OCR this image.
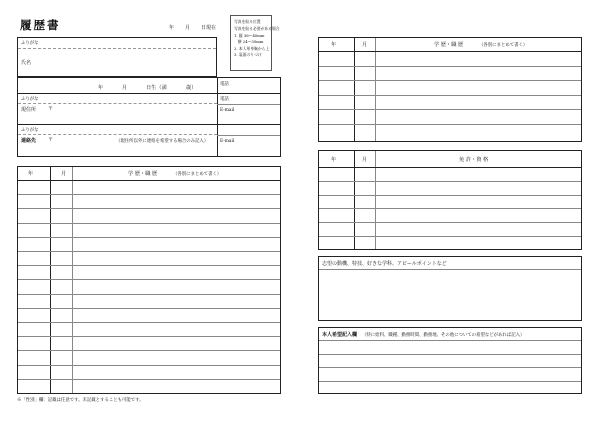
履歴書	年 月 日現在
写真を貼る位置
写真を貼る必要がある場合
1. 縦 36〜40mm
　横 24〜30mm
2. 本人単身胸から上
3. 裏面のりづけ
ふりがな
氏名
年	月	日生（満	歳）
電話
ふりがな	電話
現住所 〒	E-mail
ふりがな
連絡先 〒	（現住所以外に連絡を希望する場合のみ記入）	E-mail
年	月	学 歴・職 歴	（各別にまとめて書く）
※「性別」欄：記載は任意です。未記載とすることも可能です。
年	月	学 歴・職 歴	（各別にまとめて書く）
年	月	免 許・資 格
志望の動機、特技、好きな学科、アピールポイントなど
本人希望記入欄 （特に給料、職種、勤務時間、勤務地、その他についての希望などがあれば記入）
